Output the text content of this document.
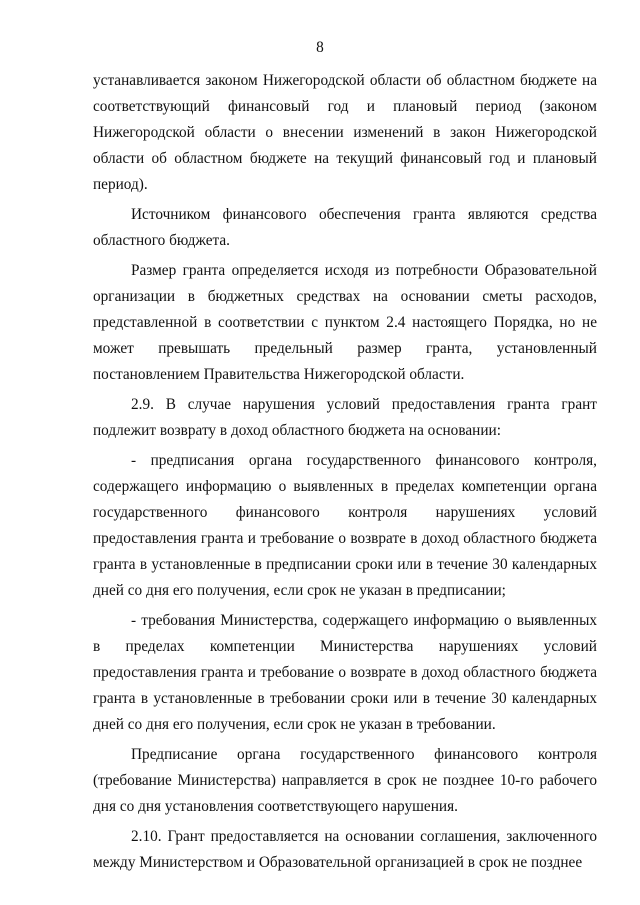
8

устанавливается законом Нижегородской области об областном бюджете на соответствующий финансовый год и плановый период (законом Нижегородской области о внесении изменений в закон Нижегородской области об областном бюджете на текущий финансовый год и плановый период).

Источником финансового обеспечения гранта являются средства областного бюджета.

Размер гранта определяется исходя из потребности Образовательной организации в бюджетных средствах на основании сметы расходов, представленной в соответствии с пунктом 2.4 настоящего Порядка, но не может превышать предельный размер гранта, установленный постановлением Правительства Нижегородской области.

2.9. В случае нарушения условий предоставления гранта грант подлежит возврату в доход областного бюджета на основании:

- предписания органа государственного финансового контроля, содержащего информацию о выявленных в пределах компетенции органа государственного финансового контроля нарушениях условий предоставления гранта и требование о возврате в доход областного бюджета гранта в установленные в предписании сроки или в течение 30 календарных дней со дня его получения, если срок не указан в предписании;

- требования Министерства, содержащего информацию о выявленных в пределах компетенции Министерства нарушениях условий предоставления гранта и требование о возврате в доход областного бюджета гранта в установленные в требовании сроки или в течение 30 календарных дней со дня его получения, если срок не указан в требовании.

Предписание органа государственного финансового контроля (требование Министерства) направляется в срок не позднее 10-го рабочего дня со дня установления соответствующего нарушения.

2.10. Грант предоставляется на основании соглашения, заключенного между Министерством и Образовательной организацией в срок не позднее
